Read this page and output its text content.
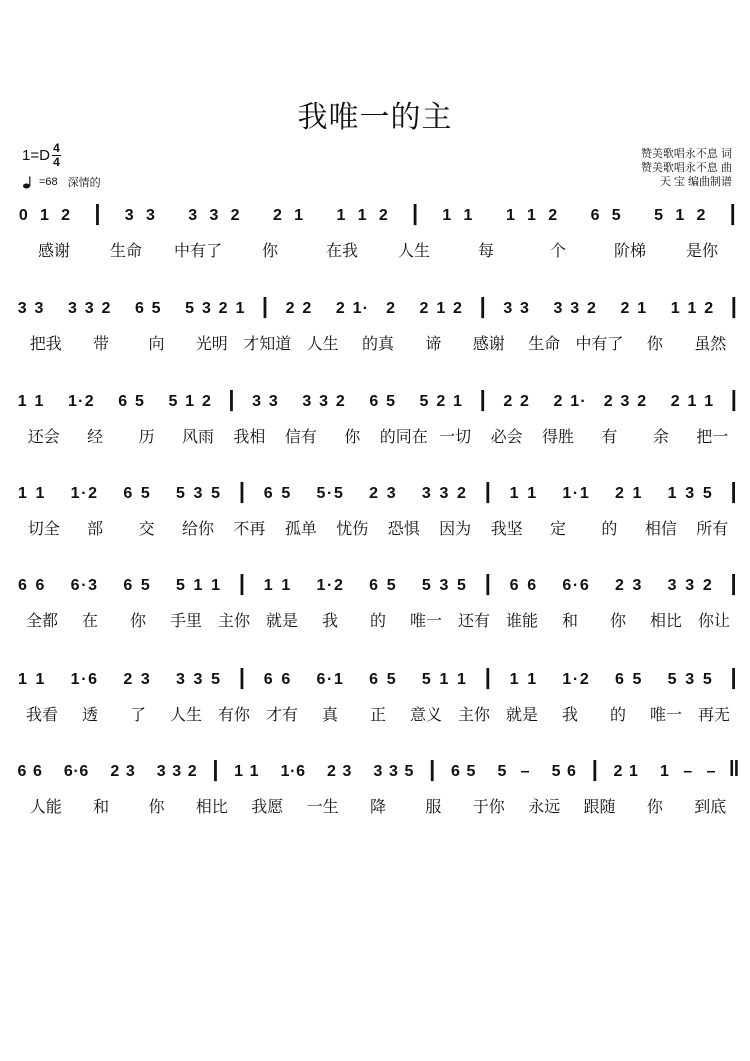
我唯一的主
$1=D \frac{4}{4}$
=68 深情的
赞美歌唱永不息 词
赞美歌唱永不息 曲
天 宝 编曲制谱
0 1 2 | 3 3 3 3 2 2 1 1 1 2 | 1 1 1 1 2 6 5 5 1 2 |
感谢 生命 中有了 你	在我 人生	每	个	阶梯 是你
3 3 3 3 2 6 5 5 3 2 1 | 2 2 2 1 · 2 2 1 2 | 3 3 3 3 2 2 1 1 1 2 |
把我 带 向 光明 才知道 人生 的真 谛 感谢 生命 中有了 你 虽然
1 1 1 · 2 6 5 5 1 2 | 3 3 3 3 2 6 5 5 2 1 | 2 2 2 1 · 2 3 2 2 1 1 |
还会 经 历 风雨 我相 信有 你 的同在 一切 必会 得胜 有 余 把一
1 1 1 · 2 6 5 5 3 5 | 6 5 5 · 5 2 3 3 3 2 | 1 1 1 · 1 2 1 1 3 5 |
切全 部 交 给你 不再 孤单 忧伤 恐惧 因为 我坚 定 的 相信 所有
6 6 6 · 3 6 5 5 1 1 | 1 1 1 · 2 6 5 5 3 5 | 6 6 6 · 6 2 3 3 3 2 |
全都 在 你 手里 主你 就是 我 的 唯一 还有 谁能 和 你 相比 你让
1 1 1 · 6 2 3 3 3 5 | 6 6 6 · 1 6 5 5 1 1 | 1 1 1 · 2 6 5 5 3 5 |
我看 透 了 人生 有你 才有 真 正 意义 主你 就是 我 的 唯一 再无
6 6 6 · 6 2 3 3 3 2 | 1 1 1 · 6 2 3 3 3 5 | 6 5 5 – 5 6 | 2 1 1 – – ‖
人能 和 你 相比 我愿 一生 降 服 于你 永远 跟随 你 到底
